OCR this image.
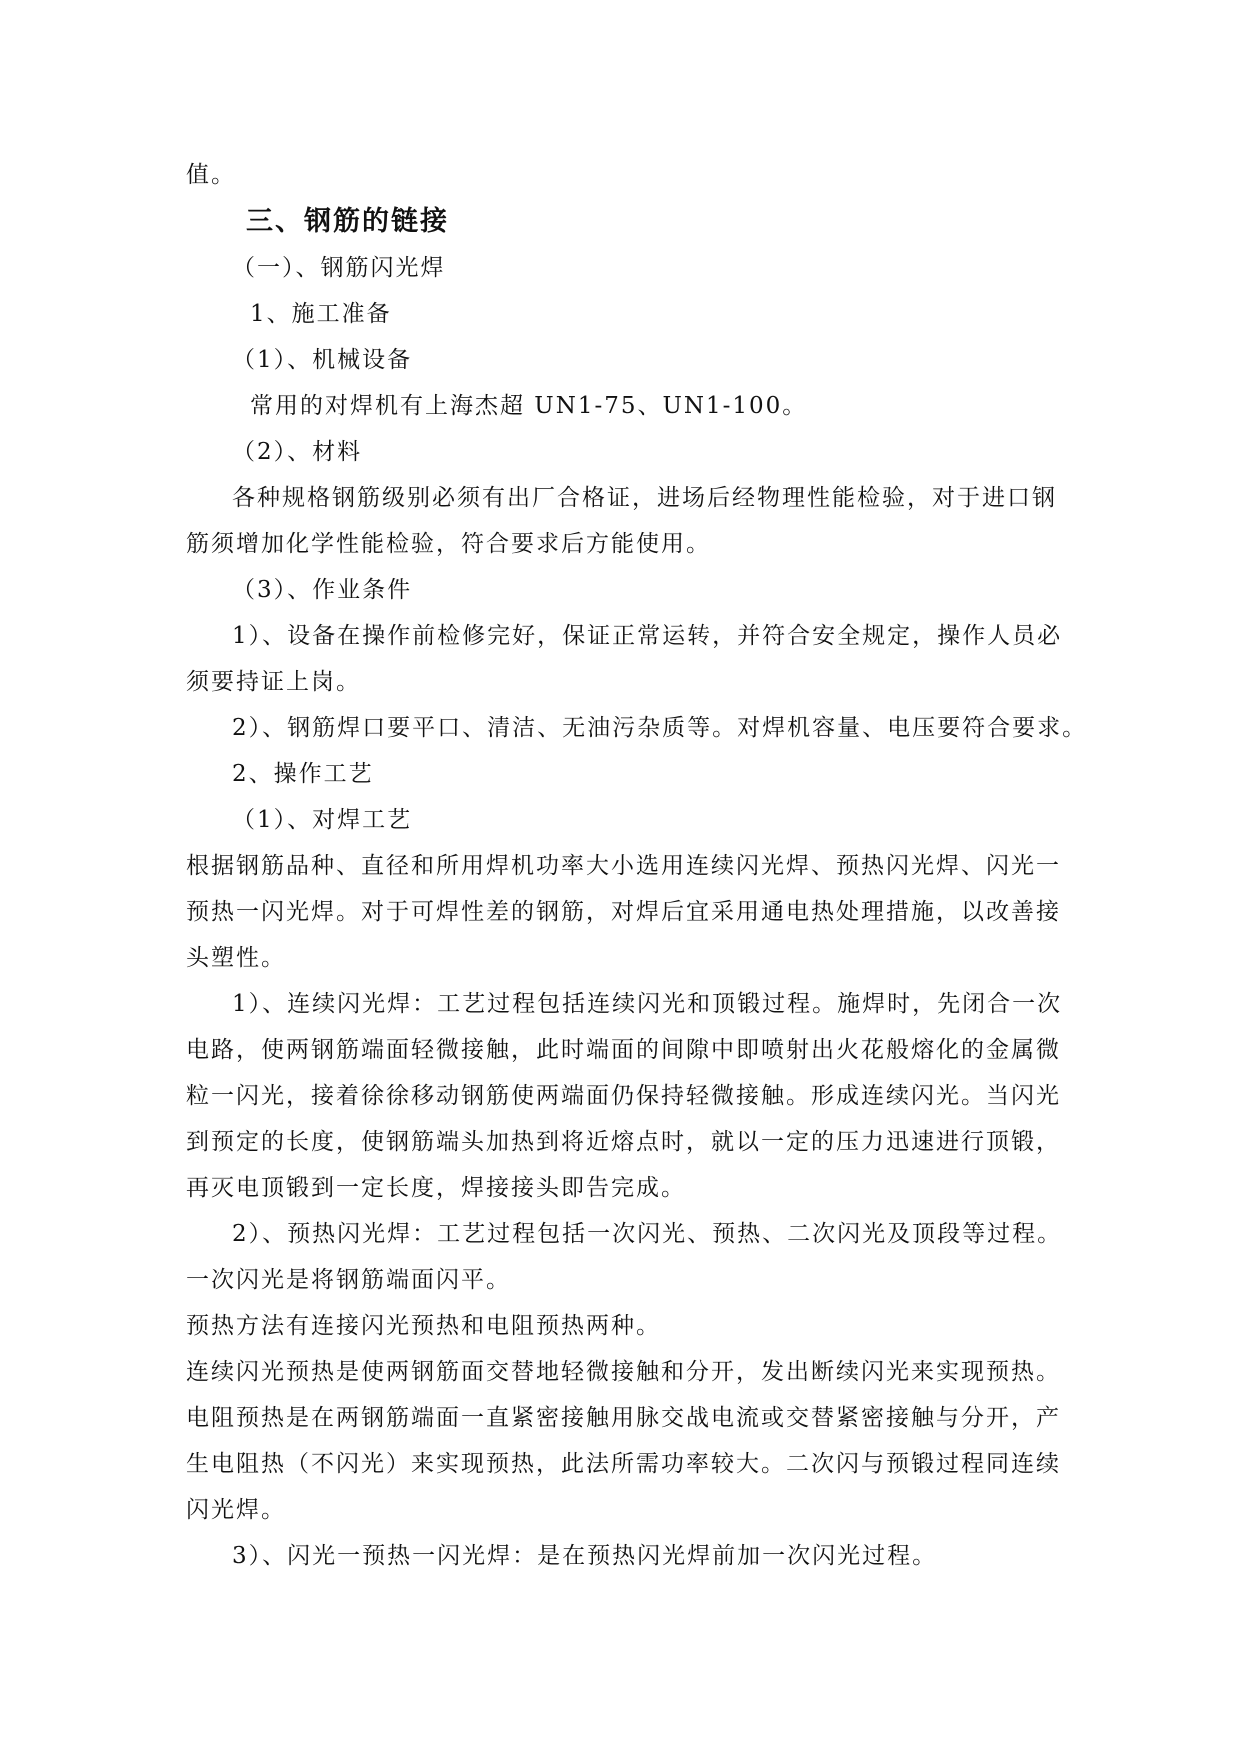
值。
三、钢筋的链接
（一）、钢筋闪光焊
1、施工准备
（1）、机械设备
常用的对焊机有上海杰超 UN1-75、UN1-100。
（2）、材料
各种规格钢筋级别必须有出厂合格证，进场后经物理性能检验，对于进口钢
筋须增加化学性能检验，符合要求后方能使用。
（3）、作业条件
1）、设备在操作前检修完好，保证正常运转，并符合安全规定，操作人员必
须要持证上岗。
2）、钢筋焊口要平口、清洁、无油污杂质等。对焊机容量、电压要符合要求。
2、操作工艺
（1）、对焊工艺
根据钢筋品种、直径和所用焊机功率大小选用连续闪光焊、预热闪光焊、闪光一
预热一闪光焊。对于可焊性差的钢筋，对焊后宜采用通电热处理措施，以改善接
头塑性。
1）、连续闪光焊：工艺过程包括连续闪光和顶锻过程。施焊时，先闭合一次
电路，使两钢筋端面轻微接触，此时端面的间隙中即喷射出火花般熔化的金属微
粒一闪光，接着徐徐移动钢筋使两端面仍保持轻微接触。形成连续闪光。当闪光
到预定的长度，使钢筋端头加热到将近熔点时，就以一定的压力迅速进行顶锻，
再灭电顶锻到一定长度，焊接接头即告完成。
2）、预热闪光焊：工艺过程包括一次闪光、预热、二次闪光及顶段等过程。
一次闪光是将钢筋端面闪平。
预热方法有连接闪光预热和电阻预热两种。
连续闪光预热是使两钢筋面交替地轻微接触和分开，发出断续闪光来实现预热。
电阻预热是在两钢筋端面一直紧密接触用脉交战电流或交替紧密接触与分开，产
生电阻热（不闪光）来实现预热，此法所需功率较大。二次闪与预锻过程同连续
闪光焊。
3）、闪光一预热一闪光焊：是在预热闪光焊前加一次闪光过程。
